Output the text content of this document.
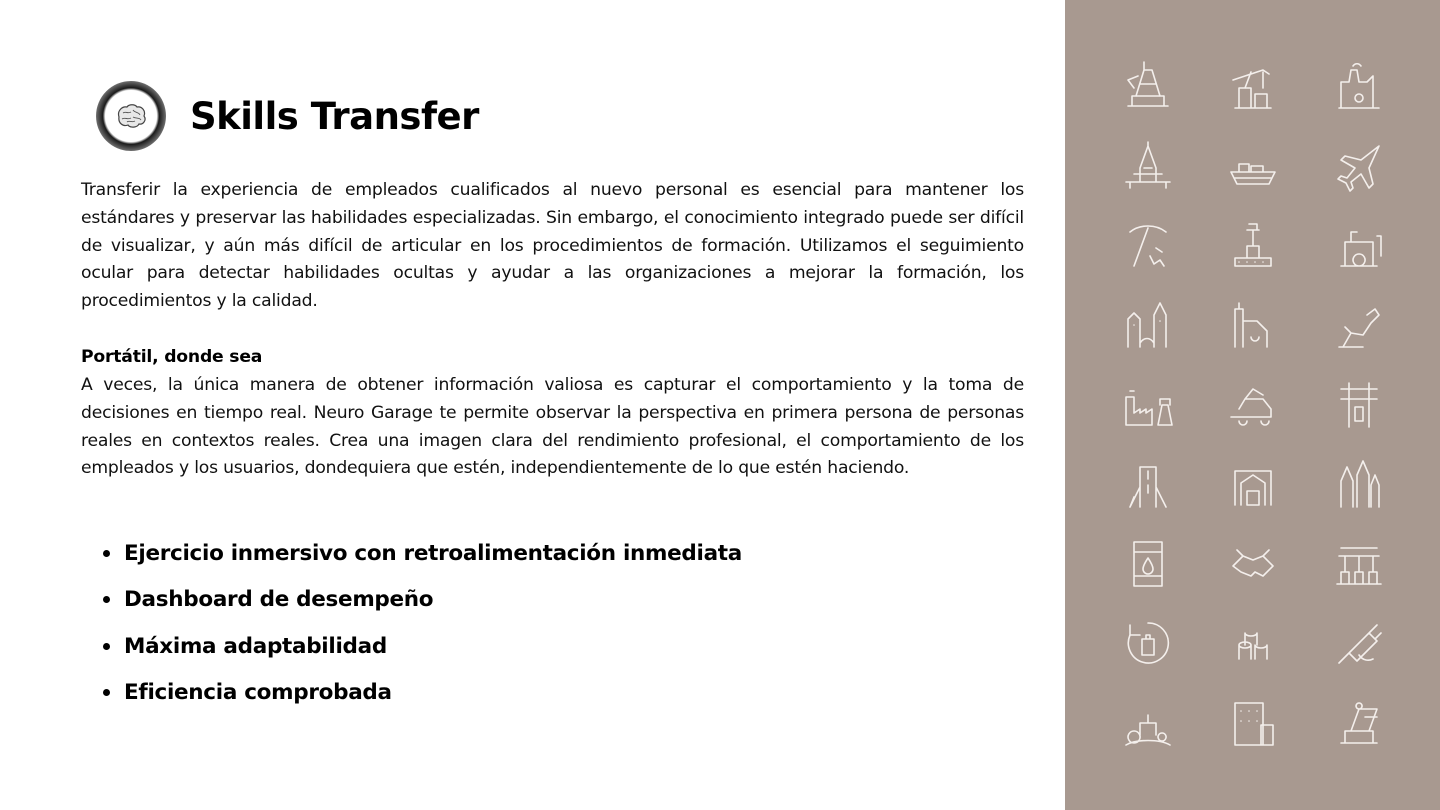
Skills Transfer

Transferir la experiencia de empleados cualificados al nuevo personal es esencial para mantener los estándares y preservar las habilidades especializadas. Sin embargo, el conocimiento integrado puede ser difícil de visualizar, y aún más difícil de articular en los procedimientos de formación. Utilizamos el seguimiento ocular para detectar habilidades ocultas y ayudar a las organizaciones a mejorar la formación, los procedimientos y la calidad.

Portátil, donde sea

A veces, la única manera de obtener información valiosa es capturar el comportamiento y la toma de decisiones en tiempo real. Neuro Garage te permite observar la perspectiva en primera persona de personas reales en contextos reales. Crea una imagen clara del rendimiento profesional, el comportamiento de los empleados y los usuarios, dondequiera que estén, independientemente de lo que estén haciendo.

Ejercicio inmersivo con retroalimentación inmediata
Dashboard de desempeño
Máxima adaptabilidad
Eficiencia comprobada
